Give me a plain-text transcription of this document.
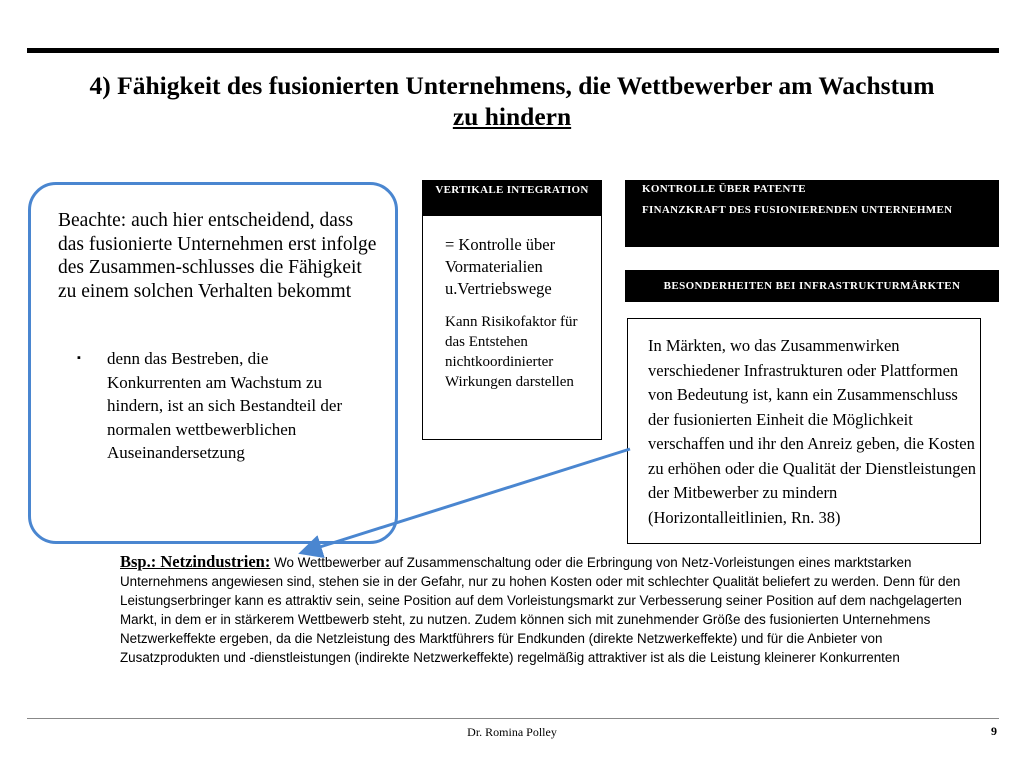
4) Fähigkeit des fusionierten Unternehmens, die Wettbewerber am Wachstum
zu hindern
Beachte: auch hier entscheidend, dass das fusionierte Unternehmen erst infolge des Zusammen-schlusses die Fähigkeit zu einem solchen Verhalten bekommt
▪ denn das Bestreben, die Konkurrenten am Wachstum zu hindern, ist an sich Bestandteil der normalen wettbewerblichen Auseinandersetzung
VERTIKALE INTEGRATION
= Kontrolle über Vormaterialien u.Vertriebswege
Kann Risikofaktor für das Entstehen nichtkoordinierter Wirkungen darstellen
KONTROLLE ÜBER PATENTE
FINANZKRAFT DES FUSIONIERENDEN UNTERNEHMEN
BESONDERHEITEN BEI INFRASTRUKTURMÄRKTEN
In Märkten, wo das Zusammenwirken verschiedener Infrastrukturen oder Plattformen von Bedeutung ist, kann ein Zusammenschluss der fusionierten Einheit die Möglichkeit verschaffen und ihr den Anreiz geben, die Kosten zu erhöhen oder die Qualität der Dienstleistungen der Mitbewerber zu mindern (Horizontalleitlinien, Rn. 38)
Bsp.: Netzindustrien: Wo Wettbewerber auf Zusammenschaltung oder die Erbringung von Netz-Vorleistungen eines marktstarken Unternehmens angewiesen sind, stehen sie in der Gefahr, nur zu hohen Kosten oder mit schlechter Qualität beliefert zu werden. Denn für den Leistungserbringer kann es attraktiv sein, seine Position auf dem Vorleistungsmarkt zur Verbesserung seiner Position auf dem nachgelagerten Markt, in dem er in stärkerem Wettbewerb steht, zu nutzen. Zudem können sich mit zunehmender Größe des fusionierten Unternehmens Netzwerkeffekte ergeben, da die Netzleistung des Marktführers für Endkunden (direkte Netzwerkeffekte) und für die Anbieter von Zusatzprodukten und -dienstleistungen (indirekte Netzwerkeffekte) regelmäßig attraktiver ist als die Leistung kleinerer Konkurrenten
Dr. Romina Polley	9
